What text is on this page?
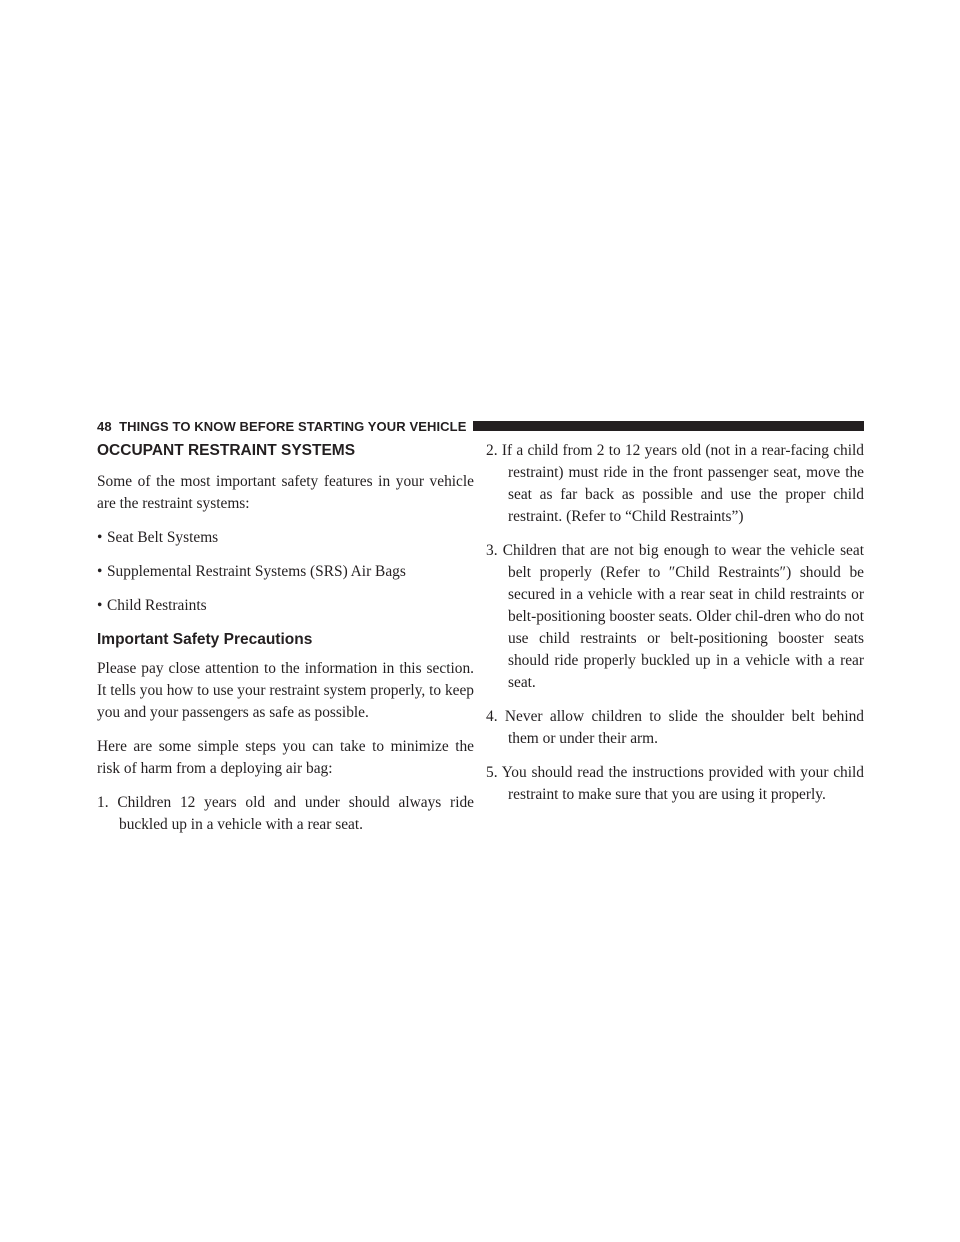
48 THINGS TO KNOW BEFORE STARTING YOUR VEHICLE
OCCUPANT RESTRAINT SYSTEMS

Some of the most important safety features in your vehicle are the restraint systems:

• Seat Belt Systems
• Supplemental Restraint Systems (SRS) Air Bags
• Child Restraints
Important Safety Precautions

Please pay close attention to the information in this section. It tells you how to use your restraint system properly, to keep you and your passengers as safe as possible.

Here are some simple steps you can take to minimize the risk of harm from a deploying air bag:

1. Children 12 years old and under should always ride buckled up in a vehicle with a rear seat.
2. If a child from 2 to 12 years old (not in a rear-facing child restraint) must ride in the front passenger seat, move the seat as far back as possible and use the proper child restraint. (Refer to “Child Restraints”)
3. Children that are not big enough to wear the vehicle seat belt properly (Refer to ″Child Restraints″) should be secured in a vehicle with a rear seat in child restraints or belt-positioning booster seats. Older chil-dren who do not use child restraints or belt-positioning booster seats should ride properly buckled up in a vehicle with a rear seat.
4. Never allow children to slide the shoulder belt behind them or under their arm.
5. You should read the instructions provided with your child restraint to make sure that you are using it properly.
